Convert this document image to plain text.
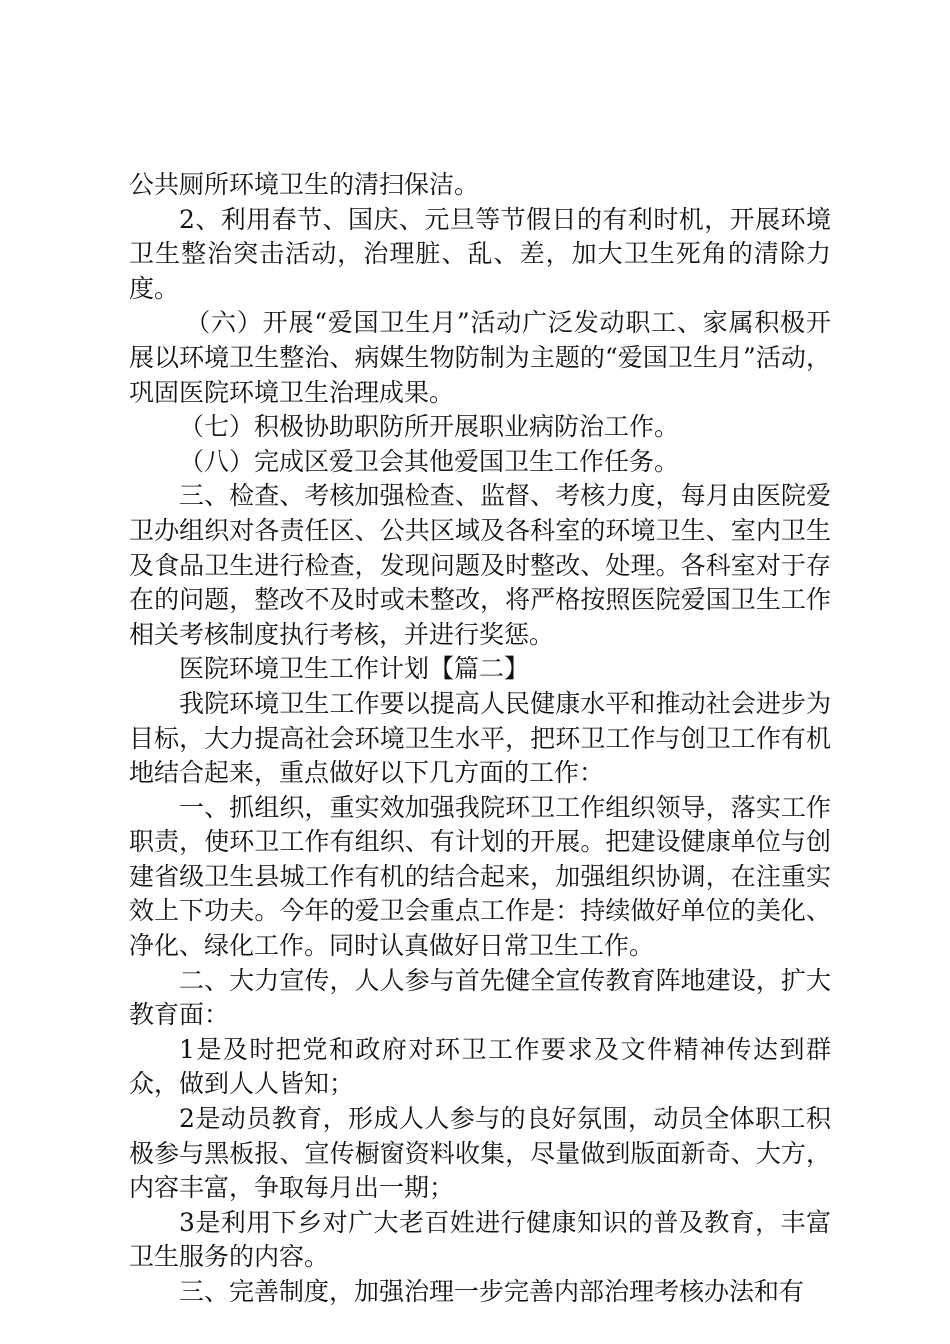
公共厕所环境卫生的清扫保洁。

2、利用春节、国庆、元旦等节假日的有利时机，开展环境卫生整治突击活动，治理脏、乱、差，加大卫生死角的清除力度。

（六）开展“爱国卫生月”活动广泛发动职工、家属积极开展以环境卫生整治、病媒生物防制为主题的“爱国卫生月”活动，巩固医院环境卫生治理成果。

（七）积极协助职防所开展职业病防治工作。

（八）完成区爱卫会其他爱国卫生工作任务。

三、检查、考核加强检查、监督、考核力度，每月由医院爱卫办组织对各责任区、公共区域及各科室的环境卫生、室内卫生及食品卫生进行检查，发现问题及时整改、处理。各科室对于存在的问题，整改不及时或未整改，将严格按照医院爱国卫生工作相关考核制度执行考核，并进行奖惩。

医院环境卫生工作计划【篇二】

我院环境卫生工作要以提高人民健康水平和推动社会进步为目标，大力提高社会环境卫生水平，把环卫工作与创卫工作有机地结合起来，重点做好以下几方面的工作：

一、抓组织，重实效加强我院环卫工作组织领导，落实工作职责，使环卫工作有组织、有计划的开展。把建设健康单位与创建省级卫生县城工作有机的结合起来，加强组织协调，在注重实效上下功夫。今年的爱卫会重点工作是：持续做好单位的美化、净化、绿化工作。同时认真做好日常卫生工作。

二、大力宣传，人人参与首先健全宣传教育阵地建设，扩大教育面：

1是及时把党和政府对环卫工作要求及文件精神传达到群众，做到人人皆知；

2是动员教育，形成人人参与的良好氛围，动员全体职工积极参与黑板报、宣传橱窗资料收集，尽量做到版面新奇、大方，内容丰富，争取每月出一期；

3是利用下乡对广大老百姓进行健康知识的普及教育，丰富卫生服务的内容。

三、完善制度，加强治理一步完善内部治理考核办法和有
